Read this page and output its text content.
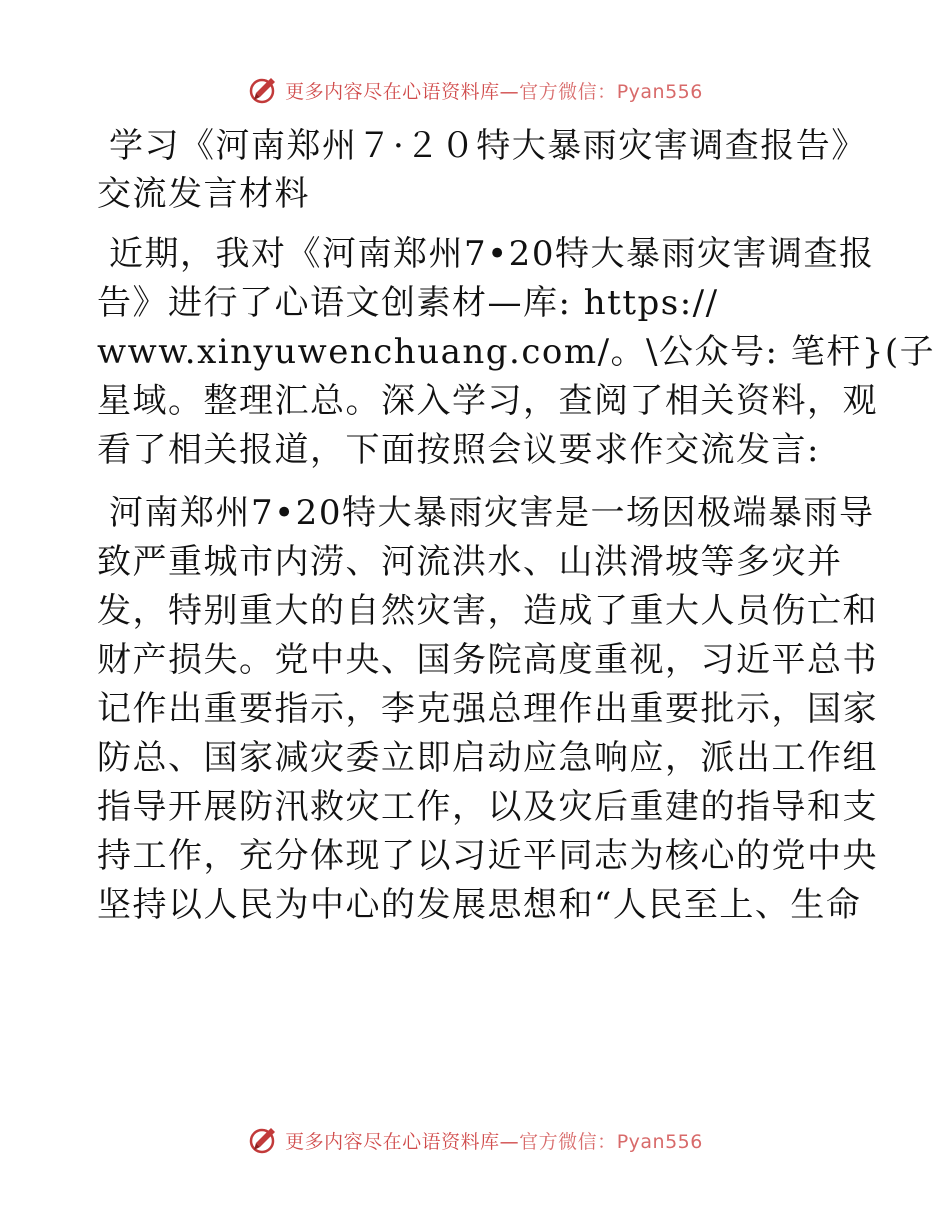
更多内容尽在心语资料库—官方微信：Pyan556
学习《河南郑州７·２０特大暴雨灾害调查报告》
交流发言材料
近期，我对《河南郑州7•20特大暴雨灾害调查报
告》进行了心语文创素材—库: https://
www.xinyuwenchuang.com/。\公众号: 笔杆}(子
星域。整理汇总。深入学习，查阅了相关资料，观
看了相关报道，下面按照会议要求作交流发言:
河南郑州7•20特大暴雨灾害是一场因极端暴雨导
致严重城市内涝、河流洪水、山洪滑坡等多灾并
发，特别重大的自然灾害，造成了重大人员伤亡和
财产损失。党中央、国务院高度重视，习近平总书
记作出重要指示，李克强总理作出重要批示，国家
防总、国家减灾委立即启动应急响应，派出工作组
指导开展防汛救灾工作，以及灾后重建的指导和支
持工作，充分体现了以习近平同志为核心的党中央
坚持以人民为中心的发展思想和“人民至上、生命
更多内容尽在心语资料库—官方微信：Pyan556
